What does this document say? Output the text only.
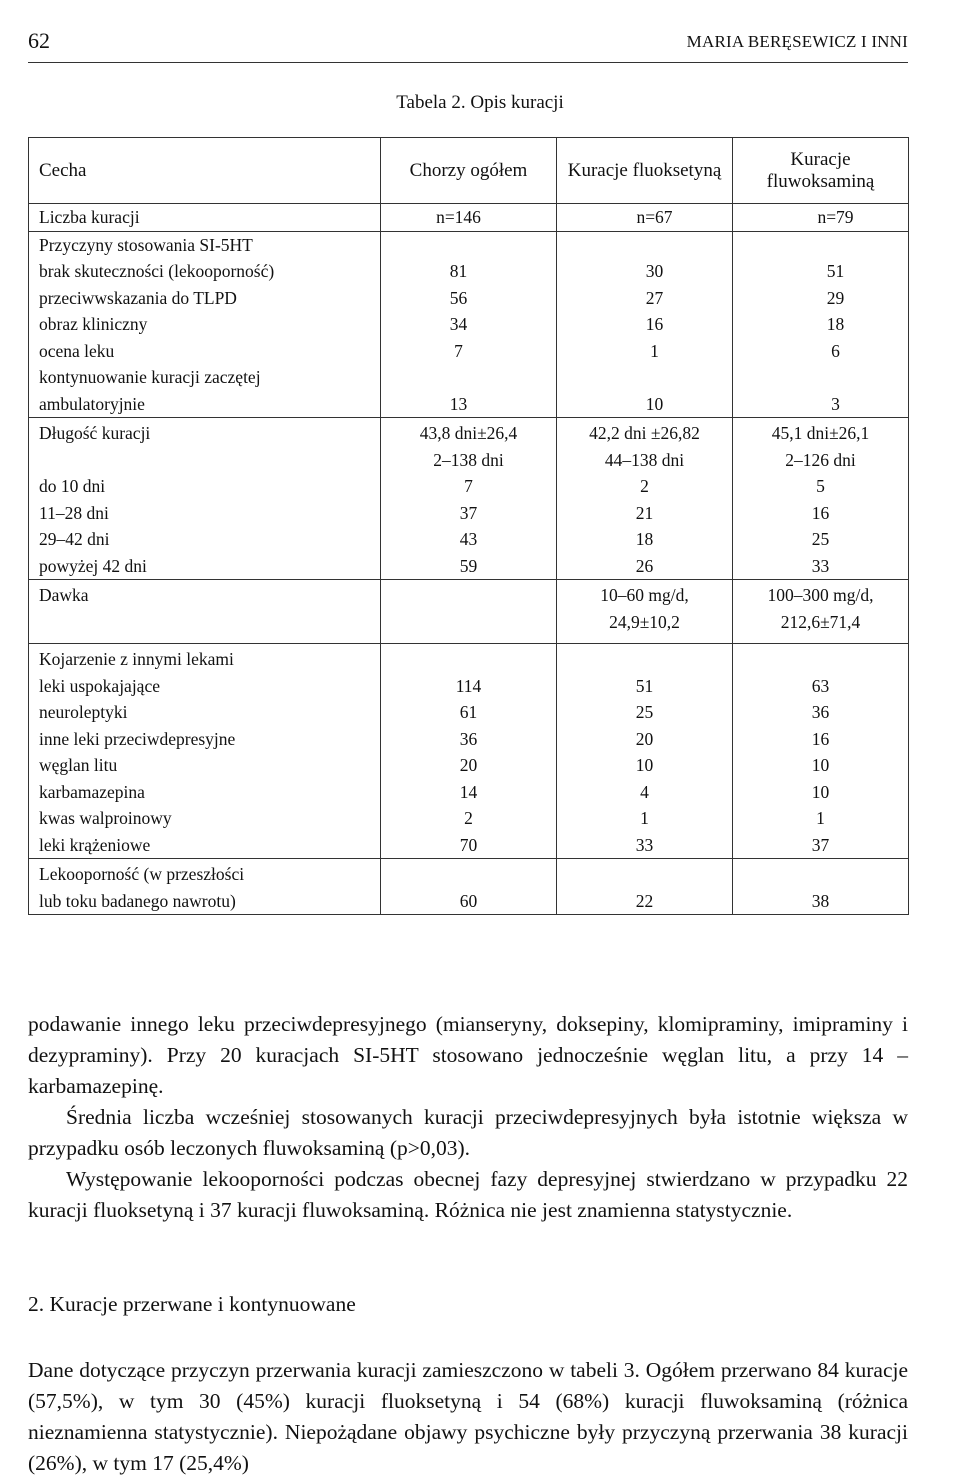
62	MARIA BERĘSEWICZ I INNI
Tabela 2. Opis kuracji
Cecha	Chorzy ogółem	Kuracje fluoksetyną	Kuracje fluwoksaminą
Liczba kuracji	n=146	n=67	n=79
Przyczyny stosowania SI-5HT			
brak skuteczności (lekooporność)	81	30	51
przeciwwskazania do TLPD	56	27	29
obraz kliniczny	34	16	18
ocena leku	7	1	6
kontynuowanie kuracji zaczętej			
ambulatoryjnie	13	10	3

Długość kuracji	43,8 dni±26,4	42,2 dni ±26,82	45,1 dni±26,1
	2–138 dni	44–138 dni	2–126 dni
do 10 dni	7	2	5
11–28 dni	37	21	16
29–42 dni	43	18	25
powyżej 42 dni	59	26	33

Dawka		10–60 mg/d,	100–300 mg/d,
		24,9±10,2	212,6±71,4

Kojarzenie z innymi lekami			
leki uspokajające	114	51	63
neuroleptyki	61	25	36
inne leki przeciwdepresyjne	36	20	16
węglan litu	20	10	10
karbamazepina	14	4	10
kwas walproinowy	2	1	1
leki krążeniowe	70	33	37

Lekooporność (w przeszłości			
lub toku badanego nawrotu)	60	22	38

podawanie innego leku przeciwdepresyjnego (mianseryny, doksepiny, klomipraminy, imipraminy i dezypraminy). Przy 20 kuracjach SI-5HT stosowano jednocześnie węglan litu, a przy 14 – karbamazepinę.

Średnia liczba wcześniej stosowanych kuracji przeciwdepresyjnych była istotnie większa w przypadku osób leczonych fluwoksaminą (p>0,03).

Występowanie lekooporności podczas obecnej fazy depresyjnej stwierdzano w przypadku 22 kuracji fluoksetyną i 37 kuracji fluwoksaminą. Różnica nie jest znamienna statystycznie.

2. Kuracje przerwane i kontynuowane

Dane dotyczące przyczyn przerwania kuracji zamieszczono w tabeli 3. Ogółem przerwano 84 kuracje (57,5%), w tym 30 (45%) kuracji fluoksetyną i 54 (68%) kuracji fluwoksaminą (różnica nieznamienna statystycznie). Niepożądane objawy psychiczne były przyczyną przerwania 38 kuracji (26%), w tym 17 (25,4%)
